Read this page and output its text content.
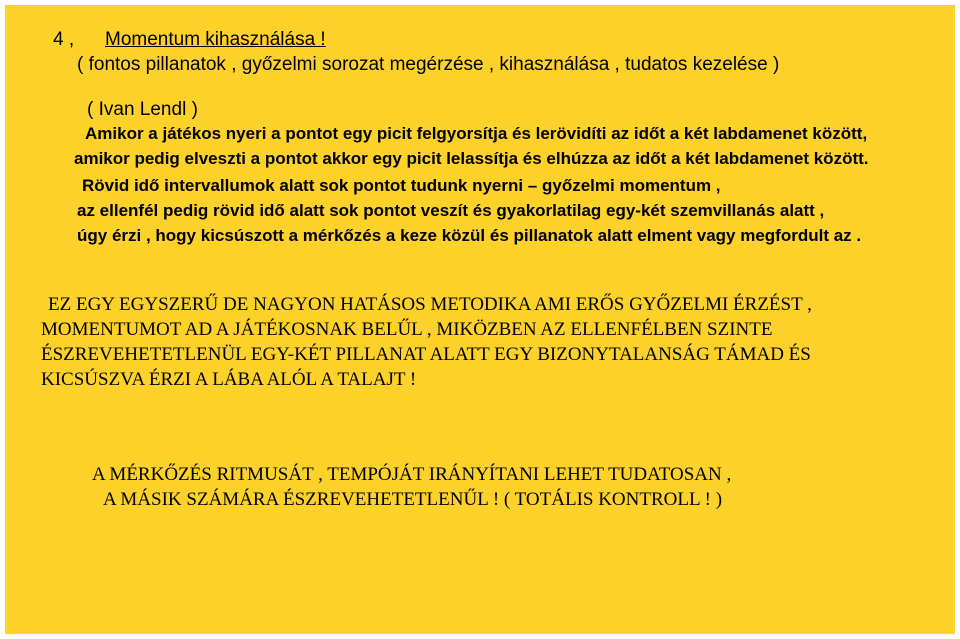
4 , Momentum kihasználása !

( fontos pillanatok , győzelmi sorozat megérzése , kihasználása , tudatos kezelése )

( Ivan Lendl )

Amikor a játékos nyeri a pontot egy picit felgyorsítja és lerövidíti az időt a két labdamenet között,

amikor pedig elveszti a pontot akkor egy picit lelassítja és elhúzza az időt a két labdamenet között.

Rövid idő intervallumok alatt sok pontot tudunk nyerni – győzelmi momentum ,

az ellenfél pedig rövid idő alatt sok pontot veszít és gyakorlatilag egy-két szemvillanás alatt ,

úgy érzi , hogy kicsúszott a mérkőzés a keze közül és pillanatok alatt elment vagy megfordult az .

EZ EGY EGYSZERŰ DE NAGYON HATÁSOS METODIKA AMI ERŐS GYŐZELMI ÉRZÉST ,

MOMENTUMOT AD A JÁTÉKOSNAK BELŰL , MIKÖZBEN AZ ELLENFÉLBEN SZINTE

ÉSZREVEHETETLENÜL EGY-KÉT PILLANAT ALATT EGY BIZONYTALANSÁG TÁMAD ÉS

KICSÚSZVA ÉRZI A LÁBA ALÓL A TALAJT !

A MÉRKŐZÉS RITMUSÁT , TEMPÓJÁT IRÁNYÍTANI LEHET TUDATOSAN ,

A MÁSIK SZÁMÁRA ÉSZREVEHETETLENŰL ! ( TOTÁLIS KONTROLL ! )
